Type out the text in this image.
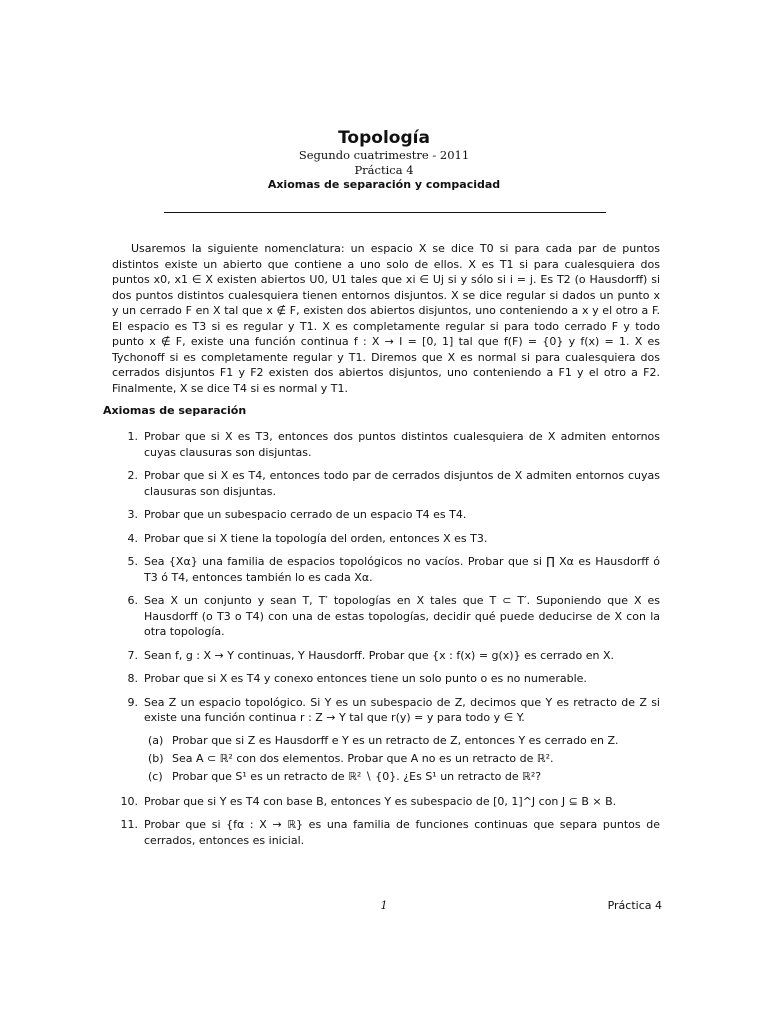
Topología
Segundo cuatrimestre - 2011
Práctica 4
Axiomas de separación y compacidad

Usaremos la siguiente nomenclatura: un espacio X se dice T0 si para cada par de puntos distintos existe un abierto que contiene a uno solo de ellos. X es T1 si para cualesquiera dos puntos x0, x1 ∈ X existen abiertos U0, U1 tales que xi ∈ Uj si y sólo si i = j. Es T2 (o Hausdorff) si dos puntos distintos cualesquiera tienen entornos disjuntos. X se dice regular si dados un punto x y un cerrado F en X tal que x ∉ F, existen dos abiertos disjuntos, uno conteniendo a x y el otro a F. El espacio es T3 si es regular y T1. X es completamente regular si para todo cerrado F y todo punto x ∉ F, existe una función continua f : X → I = [0, 1] tal que f(F) = {0} y f(x) = 1. X es Tychonoff si es completamente regular y T1. Diremos que X es normal si para cualesquiera dos cerrados disjuntos F1 y F2 existen dos abiertos disjuntos, uno conteniendo a F1 y el otro a F2. Finalmente, X se dice T4 si es normal y T1.

Axiomas de separación
1. Probar que si X es T3, entonces dos puntos distintos cualesquiera de X admiten entornos cuyas clausuras son disjuntas.
2. Probar que si X es T4, entonces todo par de cerrados disjuntos de X admiten entornos cuyas clausuras son disjuntas.
3. Probar que un subespacio cerrado de un espacio T4 es T4.
4. Probar que si X tiene la topología del orden, entonces X es T3.
5. Sea {Xα} una familia de espacios topológicos no vacíos. Probar que si ∏ Xα es Hausdorff ó T3 ó T4, entonces también lo es cada Xα.
6. Sea X un conjunto y sean T, T′ topologías en X tales que T ⊂ T′. Suponiendo que X es Hausdorff (o T3 o T4) con una de estas topologías, decidir qué puede deducirse de X con la otra topología.
7. Sean f, g : X → Y continuas, Y Hausdorff. Probar que {x : f(x) = g(x)} es cerrado en X.
8. Probar que si X es T4 y conexo entonces tiene un solo punto o es no numerable.
9. Sea Z un espacio topológico. Si Y es un subespacio de Z, decimos que Y es retracto de Z si existe una función continua r : Z → Y tal que r(y) = y para todo y ∈ Y.
(a) Probar que si Z es Hausdorff e Y es un retracto de Z, entonces Y es cerrado en Z.
(b) Sea A ⊂ ℝ² con dos elementos. Probar que A no es un retracto de ℝ².
(c) Probar que S¹ es un retracto de ℝ² ∖ {0}. ¿Es S¹ un retracto de ℝ²?
10. Probar que si Y es T4 con base B, entonces Y es subespacio de [0, 1]^J con J ⊆ B × B.
11. Probar que si {fα : X → ℝ} es una familia de funciones continuas que separa puntos de cerrados, entonces es inicial.
1	Práctica 4
